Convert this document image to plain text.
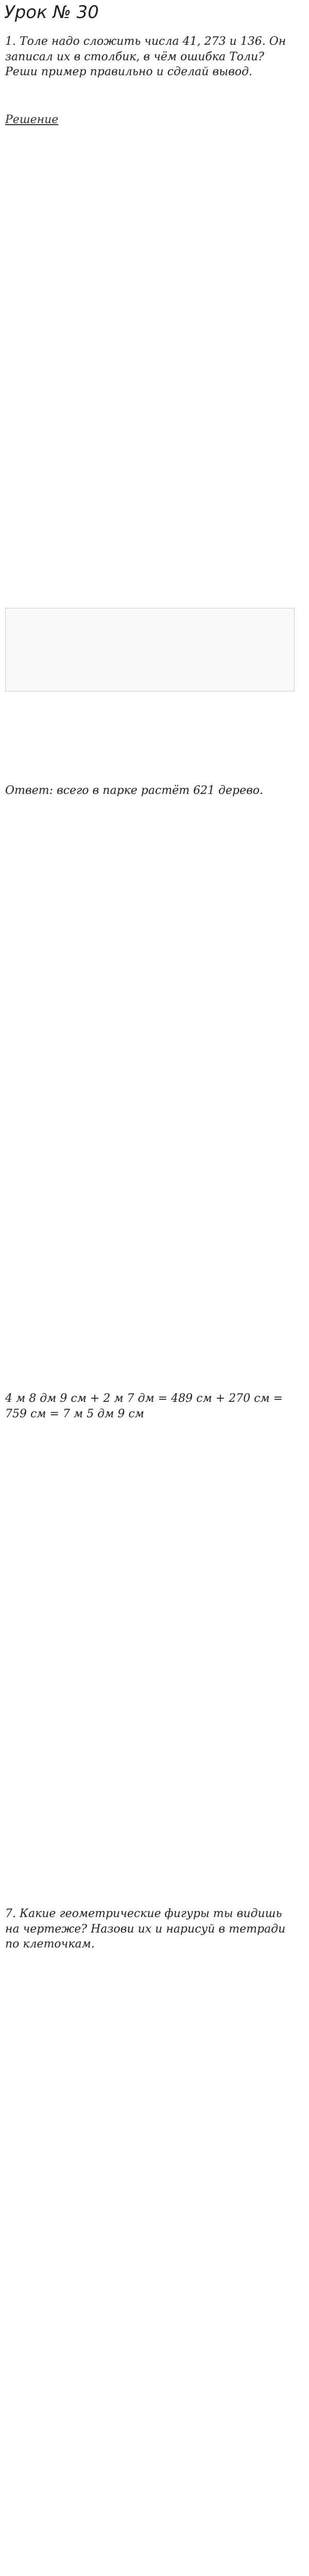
Урок № 30
1. Толе надо сложить числа 41, 273 и 136. Он записал их в столбик, в чём ошибка Толи? Реши пример правильно и сделай вывод.
Решение
Ответ: всего в парке растёт 621 дерево.
4 м 8 дм 9 см + 2 м 7 дм = 489 см + 270 см = 759 см = 7 м 5 дм 9 см
7. Какие геометрические фигуры ты видишь на чертеже? Назови их и нарисуй в тетради по клеточкам.
